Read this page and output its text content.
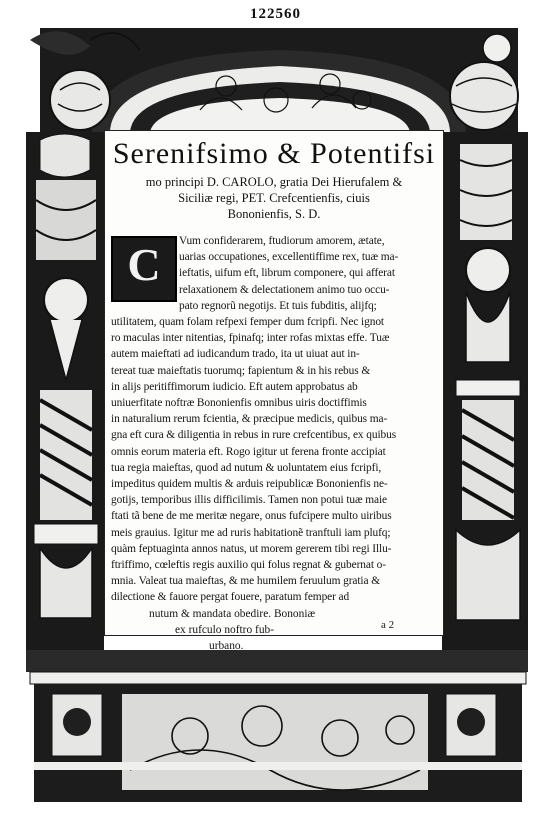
122560
Serenifsimo & Potentifsi
mo principi D. CAROLO, gratia Dei Hierufalem &
Siciliæ regi, PET. Crefcentienfis, ciuis
Bononienfis, S. D.
C	Vum confiderarem, ftudiorum amorem, ætate,
uarias occupationes, excellentiffime rex, tuæ ma-
ieftatis, uifum eft, librum componere, qui afferat
relaxationem & delectationem animo tuo occu-
pato regnorũ negotijs. Et tuis fubditis, alijfq;
utilitatem, quam folam refpexi femper dum fcripfi. Nec ignot
ro maculas inter nitentias, fpinafq; inter rofas mixtas effe. Tuæ
autem maieftati ad iudicandum trado, ita ut uiuat aut in-
tereat tuæ maieftatis tuorumq; fapientum & in his rebus &
in alijs peritiffimorum iudicio. Eft autem approbatus ab
uniuerfitate noftræ Bononienfis omnibus uiris doctiffimis
in naturalium rerum fcientia, & præcipue medicis, quibus ma-
gna eft cura & diligentia in rebus in rure crefcentibus, ex quibus
omnis eorum materia eft. Rogo igitur ut ferena fronte accipiat
tua regia maieftas, quod ad nutum & uoluntatem eius fcripfi,
impeditus quidem multis & arduis reipublicæ Bononienfis ne-
gotijs, temporibus illis difficilimis. Tamen non potui tuæ maie
ftati tã bene de me meritæ negare, onus fufcipere multo uiribus
meis grauius. Igitur me ad ruris habitationẽ tranftuli iam plufq;
quàm feptuaginta annos natus, ut morem gererem tibi regi Illu-
ftriffimo, cœleftis regis auxilio qui folus regnat & gubernat o-
mnia. Valeat tua maieftas, & me humilem feruulum gratia &
dilectione & fauore pergat fouere, paratum femper ad
nutum & mandata obedire. Bononiæ
ex rufculo noftro fub-
urbano.
a 2
